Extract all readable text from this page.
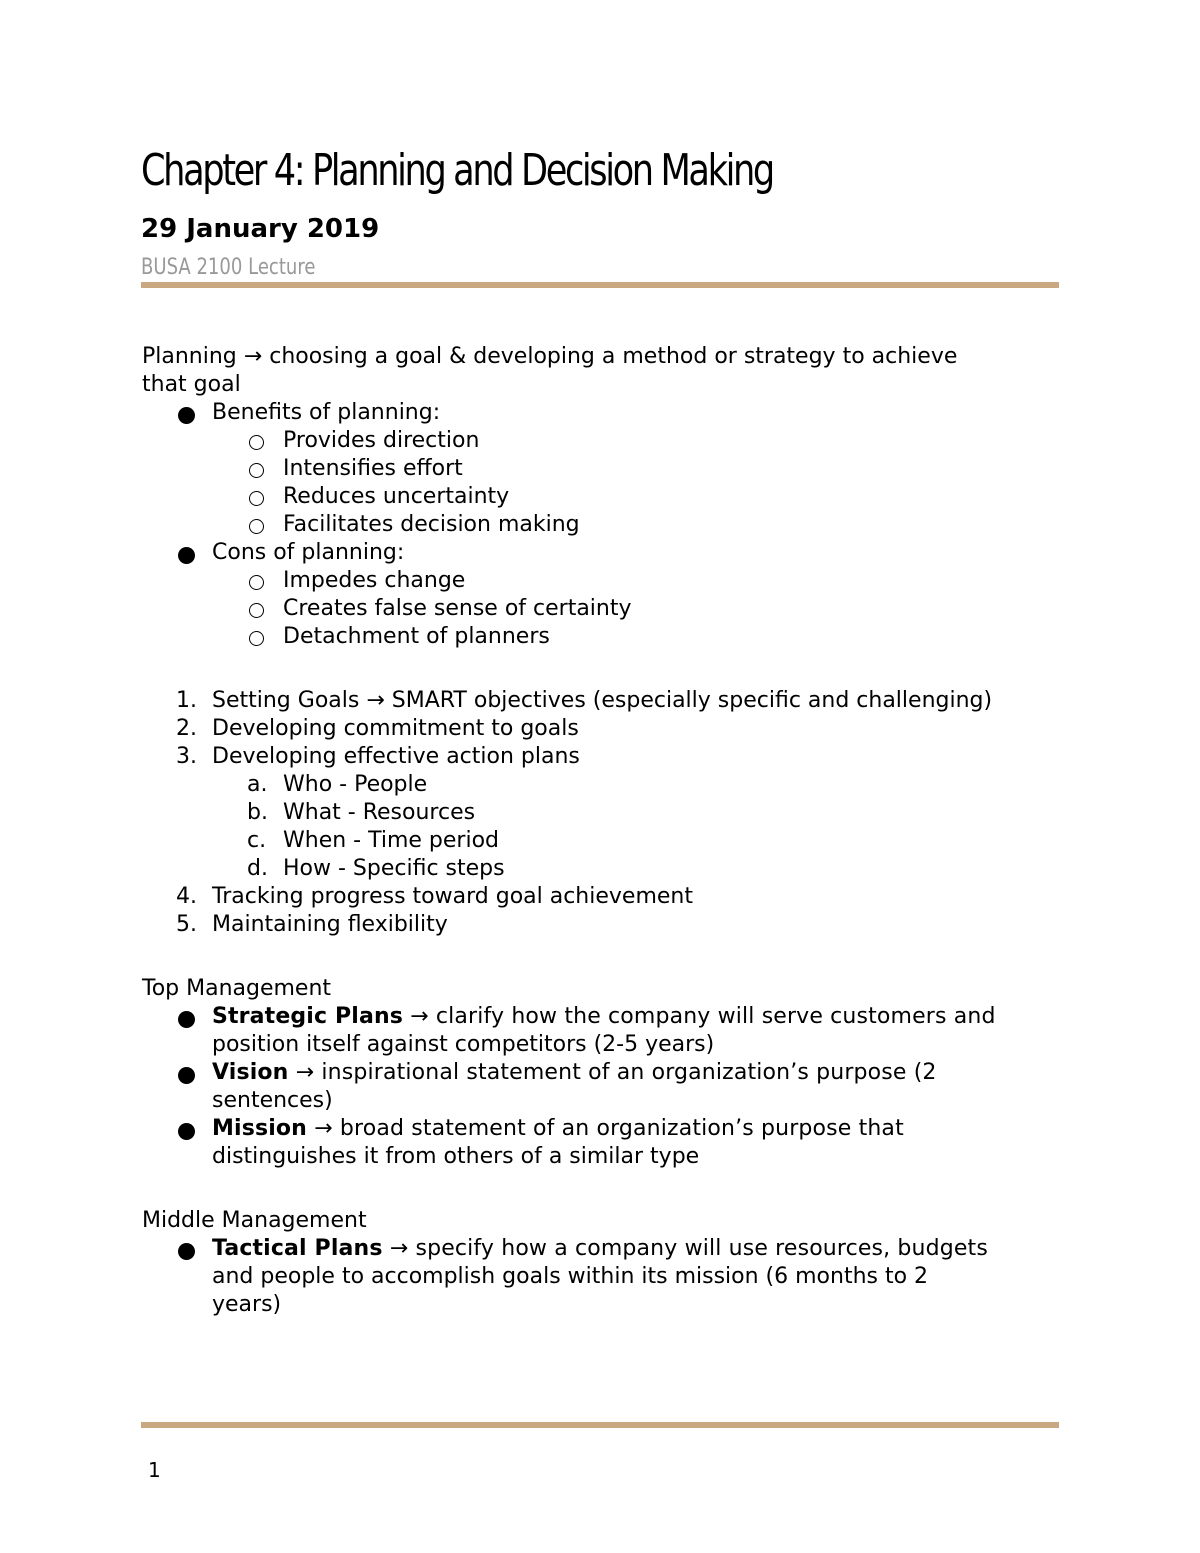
Chapter 4: Planning and Decision Making
29 January 2019
BUSA 2100 Lecture

Planning → choosing a goal & developing a method or strategy to achieve

that goal

Benefits of planning:
Provides direction
Intensifies effort
Reduces uncertainty
Facilitates decision making
Cons of planning:
Impedes change
Creates false sense of certainty
Detachment of planners
1. Setting Goals → SMART objectives (especially specific and challenging)
2. Developing commitment to goals
3. Developing effective action plans
a. Who - People
b. What - Resources
c. When - Time period
d. How - Specific steps
4. Tracking progress toward goal achievement
5. Maintaining flexibility

Top Management

Strategic Plans → clarify how the company will serve customers and
position itself against competitors (2-5 years)
Vision → inspirational statement of an organization’s purpose (2
sentences)
Mission → broad statement of an organization’s purpose that
distinguishes it from others of a similar type

Middle Management

Tactical Plans → specify how a company will use resources, budgets
and people to accomplish goals within its mission (6 months to 2
years)
1
